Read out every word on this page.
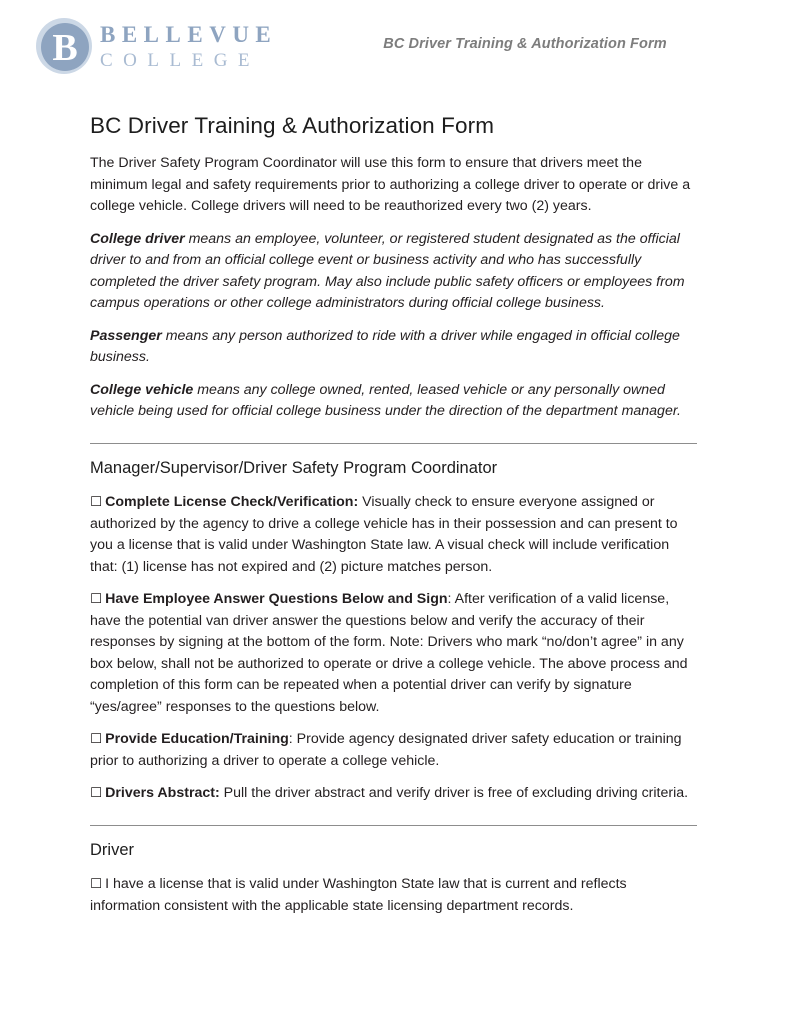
B BELLEVUE
COLLEGE
BC Driver Training & Authorization Form
BC Driver Training & Authorization Form

The Driver Safety Program Coordinator will use this form to ensure that drivers meet the minimum legal and safety requirements prior to authorizing a college driver to operate or drive a college vehicle. College drivers will need to be reauthorized every two (2) years.

College driver means an employee, volunteer, or registered student designated as the official driver to and from an official college event or business activity and who has successfully completed the driver safety program. May also include public safety officers or employees from campus operations or other college administrators during official college business.

Passenger means any person authorized to ride with a driver while engaged in official college business.

College vehicle means any college owned, rented, leased vehicle or any personally owned vehicle being used for official college business under the direction of the department manager.

Manager/Supervisor/Driver Safety Program Coordinator

☐ Complete License Check/Verification: Visually check to ensure everyone assigned or authorized by the agency to drive a college vehicle has in their possession and can present to you a license that is valid under Washington State law. A visual check will include verification that: (1) license has not expired and (2) picture matches person.

☐ Have Employee Answer Questions Below and Sign: After verification of a valid license, have the potential van driver answer the questions below and verify the accuracy of their responses by signing at the bottom of the form. Note: Drivers who mark “no/don’t agree” in any box below, shall not be authorized to operate or drive a college vehicle. The above process and completion of this form can be repeated when a potential driver can verify by signature “yes/agree” responses to the questions below.

☐ Provide Education/Training: Provide agency designated driver safety education or training prior to authorizing a driver to operate a college vehicle.

☐ Drivers Abstract: Pull the driver abstract and verify driver is free of excluding driving criteria.

Driver

☐ I have a license that is valid under Washington State law that is current and reflects information consistent with the applicable state licensing department records.
